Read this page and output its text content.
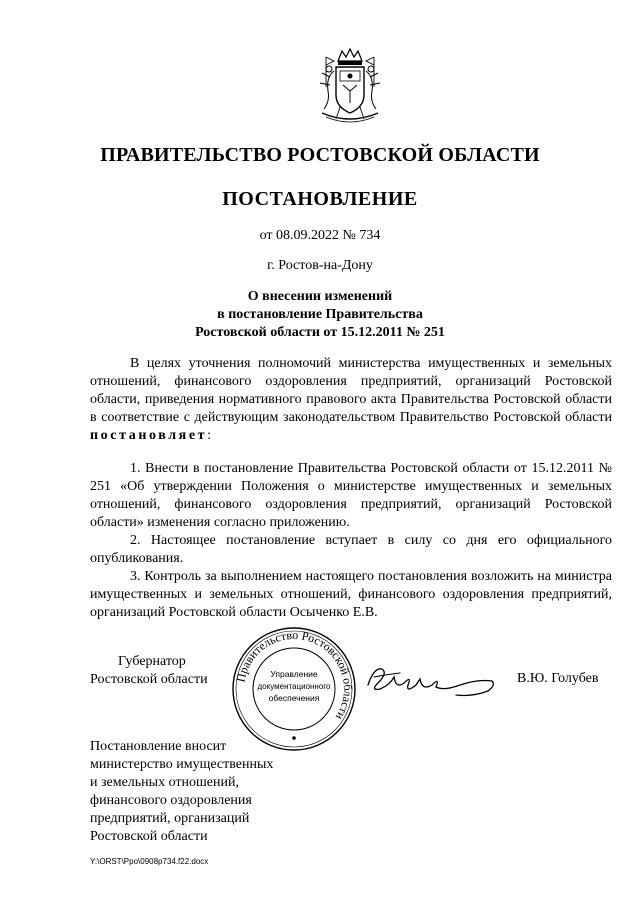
ПРАВИТЕЛЬСТВО РОСТОВСКОЙ ОБЛАСТИ
ПОСТАНОВЛЕНИЕ
от 08.09.2022 № 734
г. Ростов-на-Дону
О внесении изменений
в постановление Правительства
Ростовской области от 15.12.2011 № 251

В целях уточнения полномочий министерства имущественных и земельных отношений, финансового оздоровления предприятий, организаций Ростовской области, приведения нормативного правового акта Правительства Ростовской области в соответствие с действующим законодательством Правительство Ростовской области постановляет:

1. Внести в постановление Правительства Ростовской области от 15.12.2011 № 251 «Об утверждении Положения о министерстве имущественных и земельных отношений, финансового оздоровления предприятий, организаций Ростовской области» изменения согласно приложению.

2. Настоящее постановление вступает в силу со дня его официального опубликования.

3. Контроль за выполнением настоящего постановления возложить на министра имущественных и земельных отношений, финансового оздоровления предприятий, организаций Ростовской области Осыченко Е.В.

Губернатор
Ростовской области Правительство Ростовской области
Управление
документационного
обеспечения
В.Ю. Голубев
Постановление вносит
министерство имущественных
и земельных отношений,
финансового оздоровления
предприятий, организаций
Ростовской области
Y:\ORST\Ppo\0908p734.f22.docx
